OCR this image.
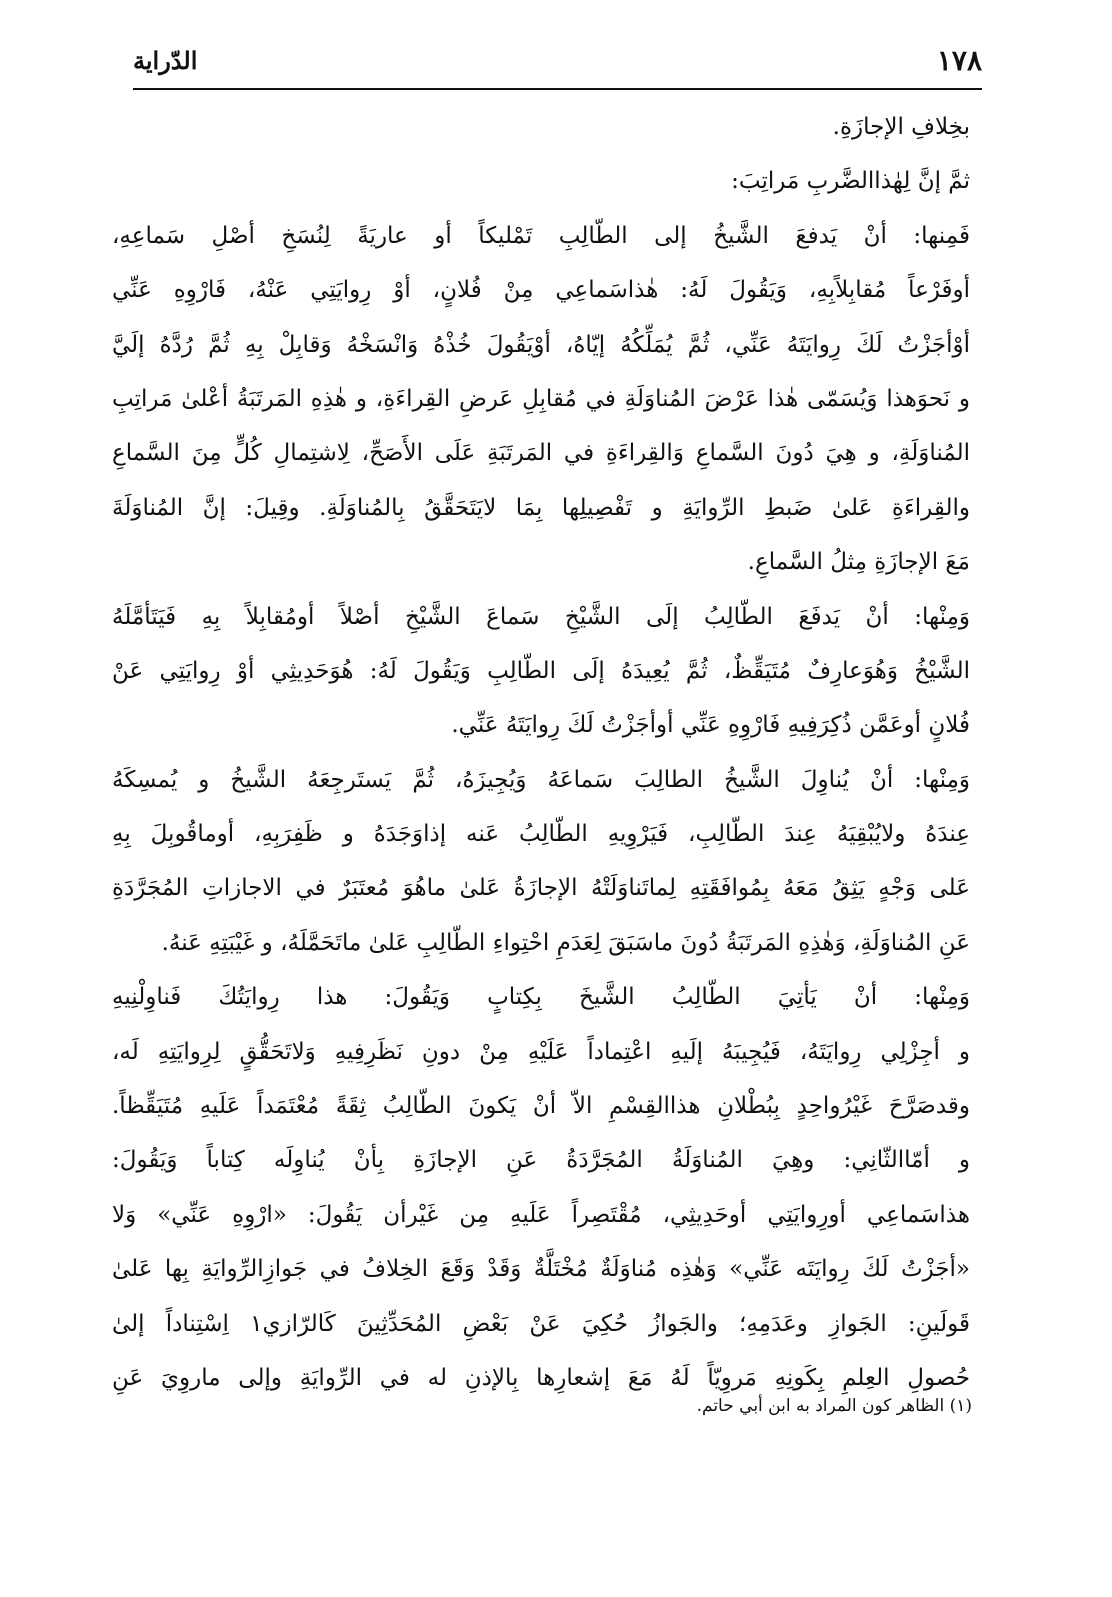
١٧٨
الدّراية
بخِلافِ الإجازَةِ.
ثمَّ إنَّ لِهٰذاالضَّربِ مَراتِبَ:
فَمِنها: أنْ يَدفعَ الشَّيخُ إلى الطّالِبِ تَمْليكاً أو عاريَةً لِنُسَخِ أصْلِ سَماعِهِ،
أوفَرْعاً مُقابِلاًبِهِ، وَيَقُولَ لَهُ: هٰذاسَماعِي مِنْ فُلانٍ، أوْ رِوايَتِي عَنْهُ، فَارْوِهِ عَنِّي
أوْأجَزْتُ لَكَ رِوايَتَهُ عَنِّي، ثُمَّ يُمَلِّكُهُ إيّاهُ، أوْيَقُولَ خُذْهُ وَانْسَخْهُ وَقابِلْ بِهِ ثُمَّ رُدَّهُ إلَيَّ
و نَحوَهذا وَيُسَمّى هٰذا عَرْضَ المُناوَلَةِ في مُقابِلِ عَرضِ القِراءَةِ، و هٰذِهِ المَرتَبَةُ أعْلىٰ مَراتِبِ
المُناوَلَةِ، و هِيَ دُونَ السَّماعِ وَالقِراءَةِ في المَرتَبَةِ عَلَى الأَصَحِّ، لِاشتِمالِ كُلٍّ مِنَ السَّماعِ
والقِراءَةِ عَلىٰ ضَبطِ الرِّوايَةِ و تَفْصِيلِها بِمَا لايَتَحَقَّقُ بِالمُناوَلَةِ. وقِيلَ: إنَّ المُناوَلَةَ
مَعَ الإجازَةِ مِثلُ السَّماعِ.
وَمِنْها: أنْ يَدفَعَ الطّالِبُ إلَى الشَّيْخِ سَماعَ الشَّيْخِ أصْلاً أومُقابِلاً بِهِ فَيَتَأمَّلَهُ
الشَّيْخُ وَهُوَعارِفٌ مُتَيَقِّظٌ، ثُمَّ يُعِيدَهُ إلَى الطّالِبِ وَيَقُولَ لَهُ: هُوَحَدِيثِي أوْ رِوايَتِي عَنْ
فُلانٍ أوعَمَّن ذُكِرَفِيهِ فَارْوِهِ عَنِّي أوأجَزْتُ لَكَ رِوايَتَهُ عَنِّي.
وَمِنْها: أنْ يُناوِلَ الشَّيخُ الطالِبَ سَماعَهُ وَيُجِيزَهُ، ثُمَّ يَستَرجِعَهُ الشَّيخُ و يُمسِكَهُ
عِندَهُ ولايُبْقِيَهُ عِندَ الطّالِبِ، فَيَرْوِيهِ الطّالِبُ عَنه إذاوَجَدَهُ و ظَفِرَبِهِ، أوماقُوبِلَ بِهِ
عَلى وَجْهٍ يَثِقُ مَعَهُ بِمُوافَقَتِهِ لِماتَناوَلَتْهُ الإجازَةُ عَلىٰ ماهُوَ مُعتَبَرٌ في الاجازاتِ المُجَرَّدَةِ
عَنِ المُناوَلَةِ، وَهٰذِهِ المَرتَبَةُ دُونَ ماسَبَقَ لِعَدَمِ احْتِواءِ الطّالِبِ عَلىٰ ماتَحَمَّلَهُ، و غَيْبَتِهِ عَنهُ.
وَمِنْها: أنْ يَأتِيَ الطّالِبُ الشَّيخَ بِكِتابٍ وَيَقُولَ: هذا رِوايَتُكَ فَناوِلْنِيهِ
و أجِزْلِي رِوايَتَهُ، فَيُجِيبَهُ إلَيهِ اعْتِماداً عَلَيْهِ مِنْ دونِ نَظَرِفِيهِ وَلاتَحَقُّقٍ لِرِوايَتِهِ لَه،
وقدصَرَّحَ غَيْرُواحِدٍ بِبُطْلانِ هذاالقِسْمِ الاّ أنْ يَكونَ الطّالِبُ ثِقَةً مُعْتَمَداً عَلَيهِ مُتَيَقِّظاً.
و أمّاالثّانِي: وهِيَ المُناوَلَةُ المُجَرَّدَةُ عَنِ الإجازَةِ بِأنْ يُناوِلَه كِتاباً وَيَقُولَ:
هذاسَماعِي أورِوايَتِي أوحَدِيثِي، مُقْتَصِراً عَلَيهِ مِن غَيْرأن يَقُولَ: «ارْوِهِ عَنِّي» وَلا
«أجَزْتُ لَكَ رِوايَتَه عَنِّي» وَهٰذِه مُناوَلَةٌ مُخْتَلَّةٌ وَقَدْ وَقَعَ الخِلافُ في جَوازِالرِّوايَةِ بِها عَلىٰ
قَولَينِ: الجَوازِ وعَدَمِهِ؛ والجَوازُ حُكِيَ عَنْ بَعْضِ المُحَدِّثِينَ كَالرّازي١ اِسْتِناداً إلىٰ
حُصولِ العِلمِ بِكَونِهِ مَروِيّاً لَهُ مَعَ إشعارِها بِالإذنِ له في الرِّوايَةِ وإلى ماروِيَ عَنِ
(١) الظاهر كون المراد به ابن أبي حاتم.
